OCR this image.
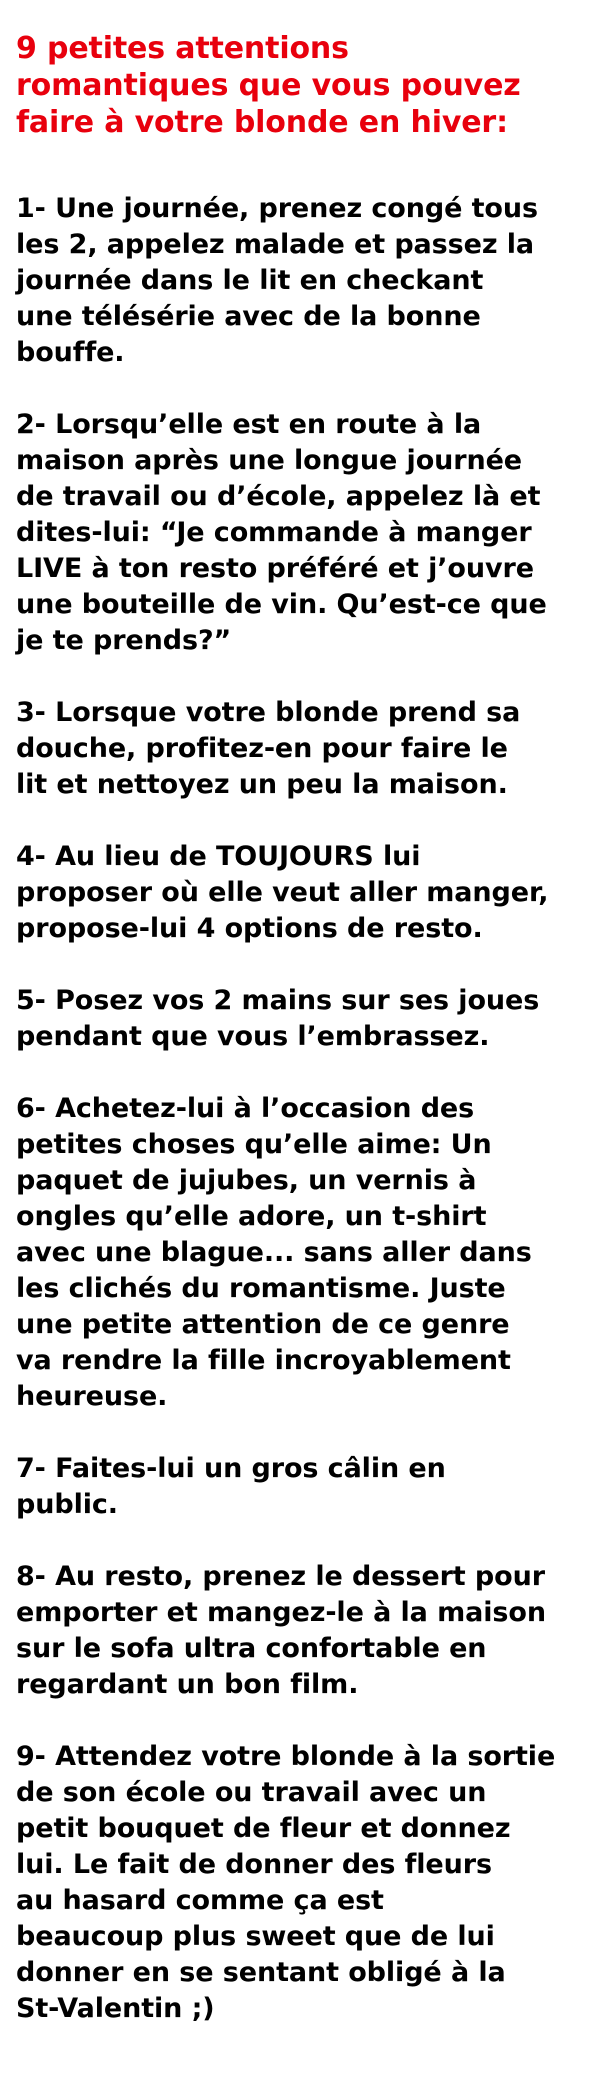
9 petites attentions
romantiques que vous pouvez
faire à votre blonde en hiver:
1- Une journée, prenez congé tous
les 2, appelez malade et passez la
journée dans le lit en checkant
une télésérie avec de la bonne
bouffe.
2- Lorsqu’elle est en route à la
maison après une longue journée
de travail ou d’école, appelez là et
dites-lui: “Je commande à manger
LIVE à ton resto préféré et j’ouvre
une bouteille de vin. Qu’est-ce que
je te prends?”
3- Lorsque votre blonde prend sa
douche, profitez-en pour faire le
lit et nettoyez un peu la maison.
4- Au lieu de TOUJOURS lui
proposer où elle veut aller manger,
propose-lui 4 options de resto.
5- Posez vos 2 mains sur ses joues
pendant que vous l’embrassez.
6- Achetez-lui à l’occasion des
petites choses qu’elle aime: Un
paquet de jujubes, un vernis à
ongles qu’elle adore, un t-shirt
avec une blague... sans aller dans
les clichés du romantisme. Juste
une petite attention de ce genre
va rendre la fille incroyablement
heureuse.
7- Faites-lui un gros câlin en
public.
8- Au resto, prenez le dessert pour
emporter et mangez-le à la maison
sur le sofa ultra confortable en
regardant un bon film.
9- Attendez votre blonde à la sortie
de son école ou travail avec un
petit bouquet de fleur et donnez
lui. Le fait de donner des fleurs
au hasard comme ça est
beaucoup plus sweet que de lui
donner en se sentant obligé à la
St-Valentin ;)
